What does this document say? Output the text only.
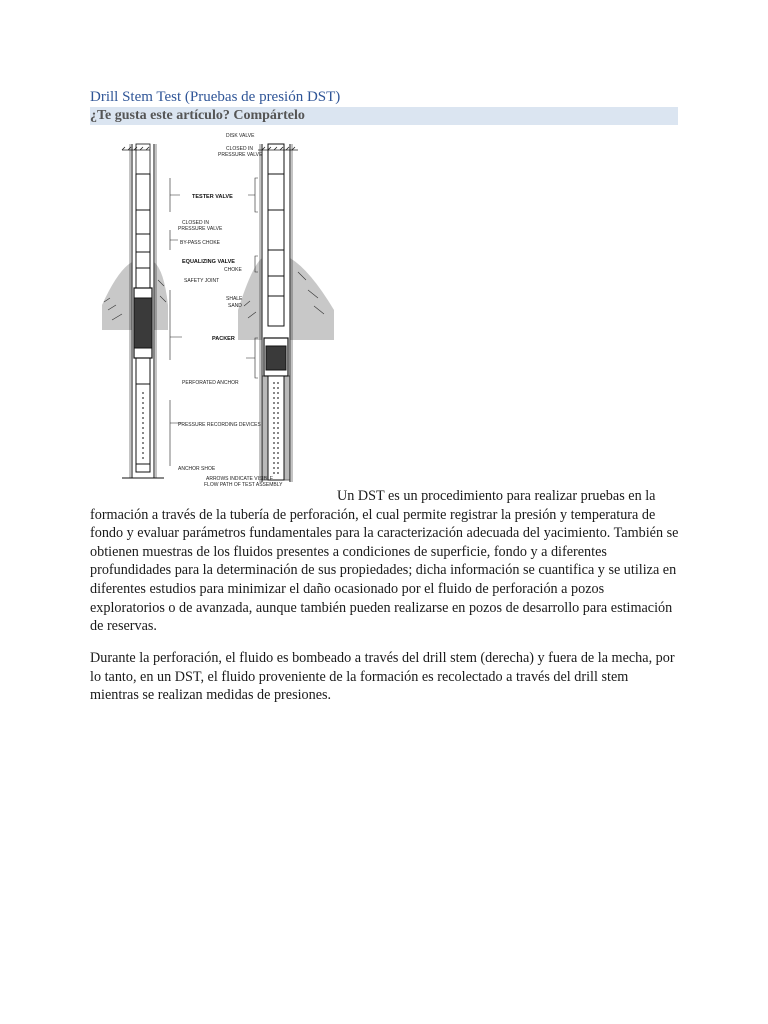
Drill Stem Test (Pruebas de presión DST)
¿Te gusta este artículo? Compártelo
DISK VALVE
CLOSED IN
PRESSURE VALVE
TESTER VALVE
CLOSED IN
PRESSURE VALVE
BY-PASS CHOKE
EQUALIZING VALVE
CHOKE
SAFETY JOINT
SHALE
SAND
PACKER
PERFORATED ANCHOR
PRESSURE RECORDING DEVICES
ANCHOR SHOE
ARROWS INDICATE VISIBLE
FLOW PATH OF TEST ASSEMBLY

Un DST es un procedimiento para realizar pruebas en la formación a través de la tubería de perforación, el cual permite registrar la presión y temperatura de fondo y evaluar parámetros fundamentales para la caracterización adecuada del yacimiento. También se obtienen muestras de los fluidos presentes a condiciones de superficie, fondo y a diferentes profundidades para la determinación de sus propiedades; dicha información se cuantifica y se utiliza en diferentes estudios para minimizar el daño ocasionado por el fluido de perforación a pozos exploratorios o de avanzada, aunque también pueden realizarse en pozos de desarrollo para estimación de reservas.

Durante la perforación, el fluido es bombeado a través del drill stem (derecha) y fuera de la mecha, por lo tanto, en un DST, el fluido proveniente de la formación es recolectado a través del drill stem mientras se realizan medidas de presiones.
